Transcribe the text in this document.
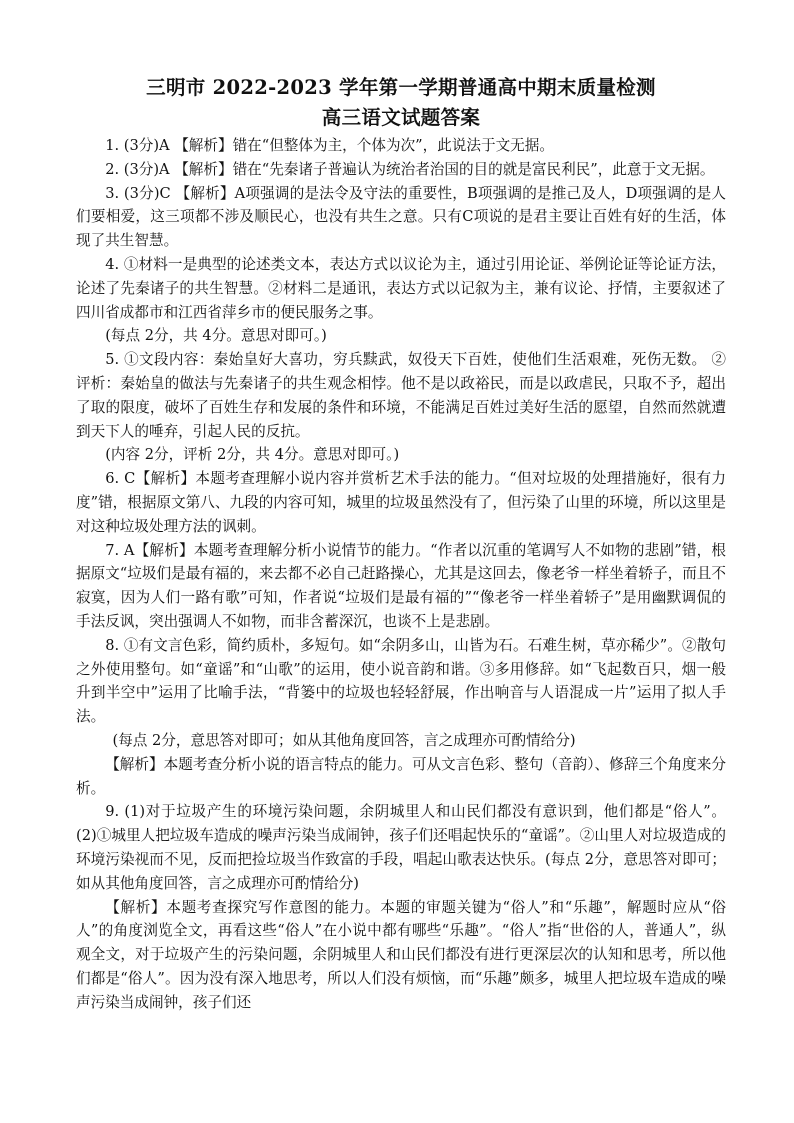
三明市 2022-2023 学年第一学期普通高中期末质量检测
高三语文试题答案

1. (3分)A 【解析】错在“但整体为主，个体为次”，此说法于文无据。

2. (3分)A 【解析】错在“先秦诸子普遍认为统治者治国的目的就是富民利民”，此意于文无据。

3. (3分)C 【解析】A项强调的是法令及守法的重要性，B项强调的是推己及人，D项强调的是人们要相爱，这三项都不涉及顺民心，也没有共生之意。只有C项说的是君主要让百姓有好的生活，体现了共生智慧。

4. ①材料一是典型的论述类文本，表达方式以议论为主，通过引用论证、举例论证等论证方法，论述了先秦诸子的共生智慧。②材料二是通讯，表达方式以记叙为主，兼有议论、抒情，主要叙述了四川省成都市和江西省萍乡市的便民服务之事。

(每点 2分，共 4分。意思对即可。)

5. ①文段内容：秦始皇好大喜功，穷兵黩武，奴役天下百姓，使他们生活艰难，死伤无数。 ②评析：秦始皇的做法与先秦诸子的共生观念相悖。他不是以政裕民，而是以政虐民，只取不予，超出了取的限度，破坏了百姓生存和发展的条件和环境，不能满足百姓过美好生活的愿望，自然而然就遭到天下人的唾弃，引起人民的反抗。

(内容 2分，评析 2分，共 4分。意思对即可。)

6. C【解析】本题考查理解小说内容并赏析艺术手法的能力。“但对垃圾的处理措施好，很有力度”错，根据原文第八、九段的内容可知，城里的垃圾虽然没有了，但污染了山里的环境，所以这里是对这种垃圾处理方法的讽刺。

7. A【解析】本题考查理解分析小说情节的能力。“作者以沉重的笔调写人不如物的悲剧”错，根据原文“垃圾们是最有福的，来去都不必自己赶路操心，尤其是这回去，像老爷一样坐着轿子，而且不寂寞，因为人们一路有歌”可知，作者说“垃圾们是最有福的”“像老爷一样坐着轿子”是用幽默调侃的手法反讽，突出强调人不如物，而非含蓄深沉，也谈不上是悲剧。

8. ①有文言色彩，简约质朴，多短句。如“余阴多山，山皆为石。石难生树，草亦稀少”。②散句之外使用整句。如“童谣”和“山歌”的运用，使小说音韵和谐。③多用修辞。如“飞起数百只，烟一般升到半空中”运用了比喻手法，“背篓中的垃圾也轻轻舒展，作出响音与人语混成一片”运用了拟人手法。

(每点 2分，意思答对即可；如从其他角度回答，言之成理亦可酌情给分)

【解析】本题考查分析小说的语言特点的能力。可从文言色彩、整句（音韵）、修辞三个角度来分析。

9. (1)对于垃圾产生的环境污染问题，余阴城里人和山民们都没有意识到，他们都是“俗人”。(2)①城里人把垃圾车造成的噪声污染当成闹钟，孩子们还唱起快乐的“童谣”。②山里人对垃圾造成的环境污染视而不见，反而把捡垃圾当作致富的手段，唱起山歌表达快乐。(每点 2分，意思答对即可；如从其他角度回答，言之成理亦可酌情给分)

【解析】本题考查探究写作意图的能力。本题的审题关键为“俗人”和“乐趣”，解题时应从“俗人”的角度浏览全文，再看这些“俗人”在小说中都有哪些“乐趣”。“俗人”指“世俗的人，普通人”，纵观全文，对于垃圾产生的污染问题，余阴城里人和山民们都没有进行更深层次的认知和思考，所以他们都是“俗人”。因为没有深入地思考，所以人们没有烦恼，而“乐趣”颇多，城里人把垃圾车造成的噪声污染当成闹钟，孩子们还
